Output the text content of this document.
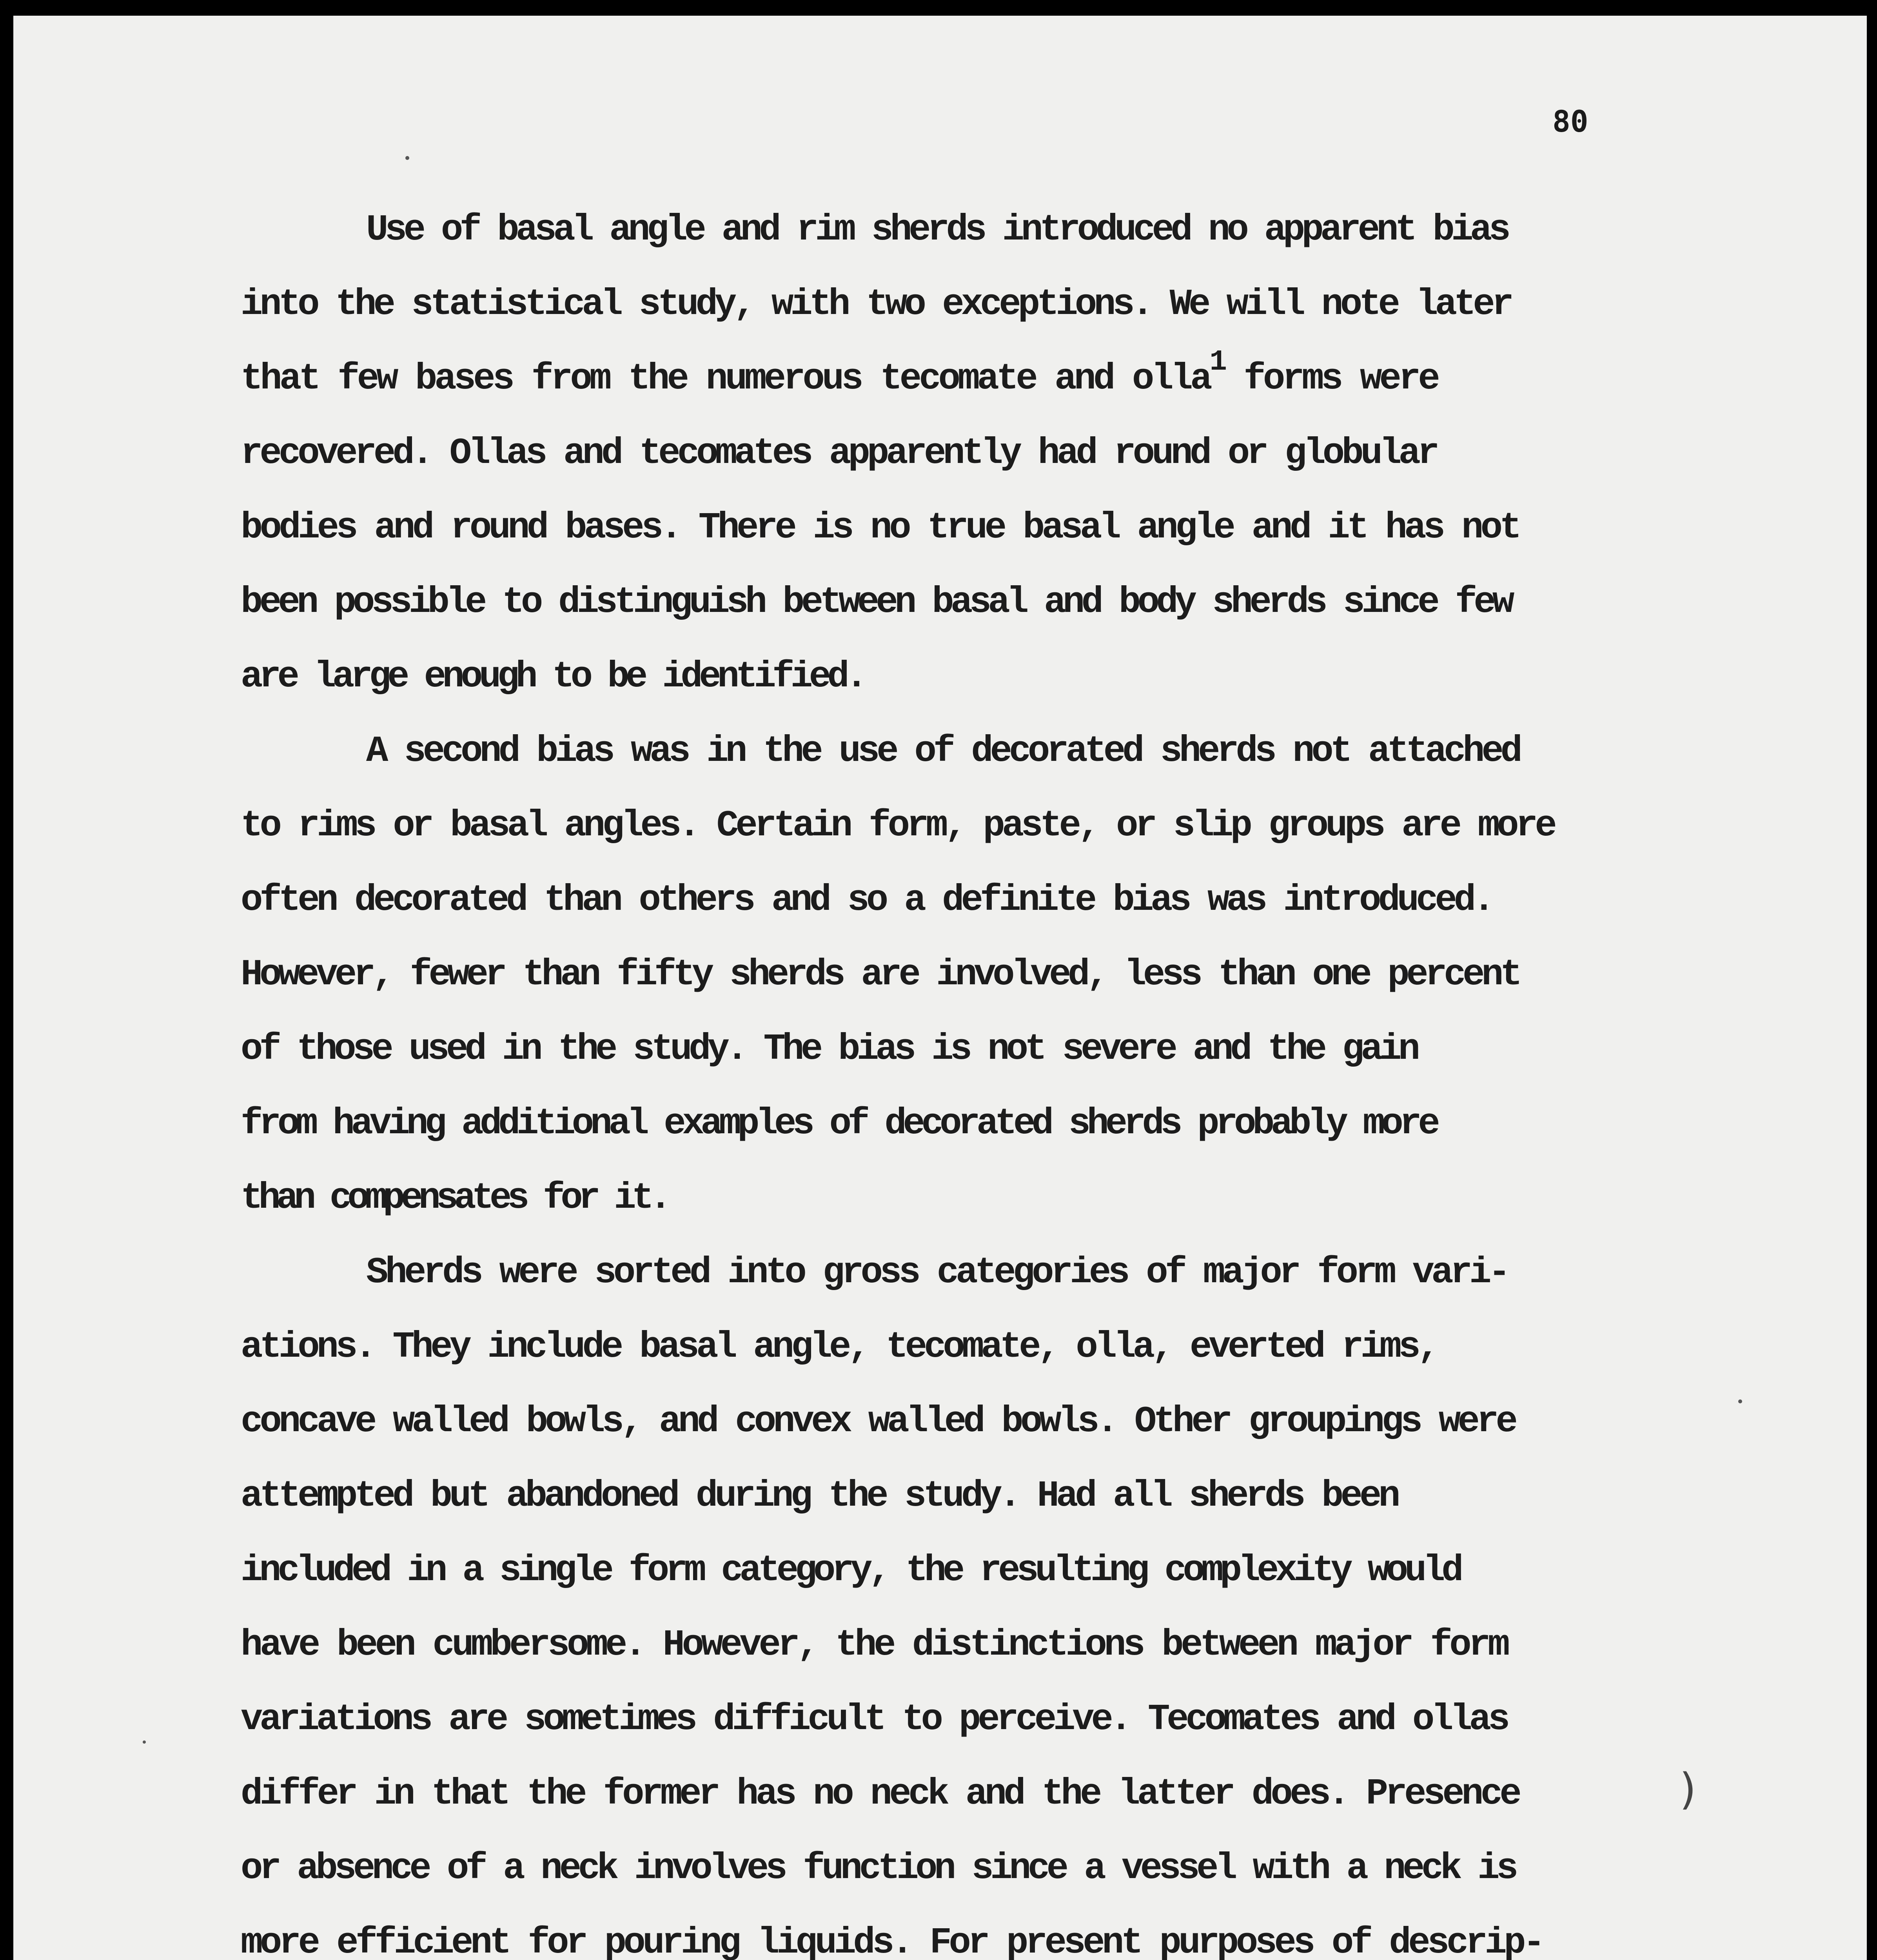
80
Use of basal angle and rim sherds introduced no apparent bias
into the statistical study, with two exceptions. We will note later
that few bases from the numerous tecomate and olla$^1$ forms were
recovered. Ollas and tecomates apparently had round or globular
bodies and round bases. There is no true basal angle and it has not
been possible to distinguish between basal and body sherds since few
are large enough to be identified.
A second bias was in the use of decorated sherds not attached
to rims or basal angles. Certain form, paste, or slip groups are more
often decorated than others and so a definite bias was introduced.
However, fewer than fifty sherds are involved, less than one percent
of those used in the study. The bias is not severe and the gain
from having additional examples of decorated sherds probably more
than compensates for it.
Sherds were sorted into gross categories of major form vari-
ations. They include basal angle, tecomate, olla, everted rims,
concave walled bowls, and convex walled bowls. Other groupings were
attempted but abandoned during the study. Had all sherds been
included in a single form category, the resulting complexity would
have been cumbersome. However, the distinctions between major form
variations are sometimes difficult to perceive. Tecomates and ollas
differ in that the former has no neck and the latter does. Presence
or absence of a neck involves function since a vessel with a neck is
more efficient for pouring liquids. For present purposes of descrip-
)
